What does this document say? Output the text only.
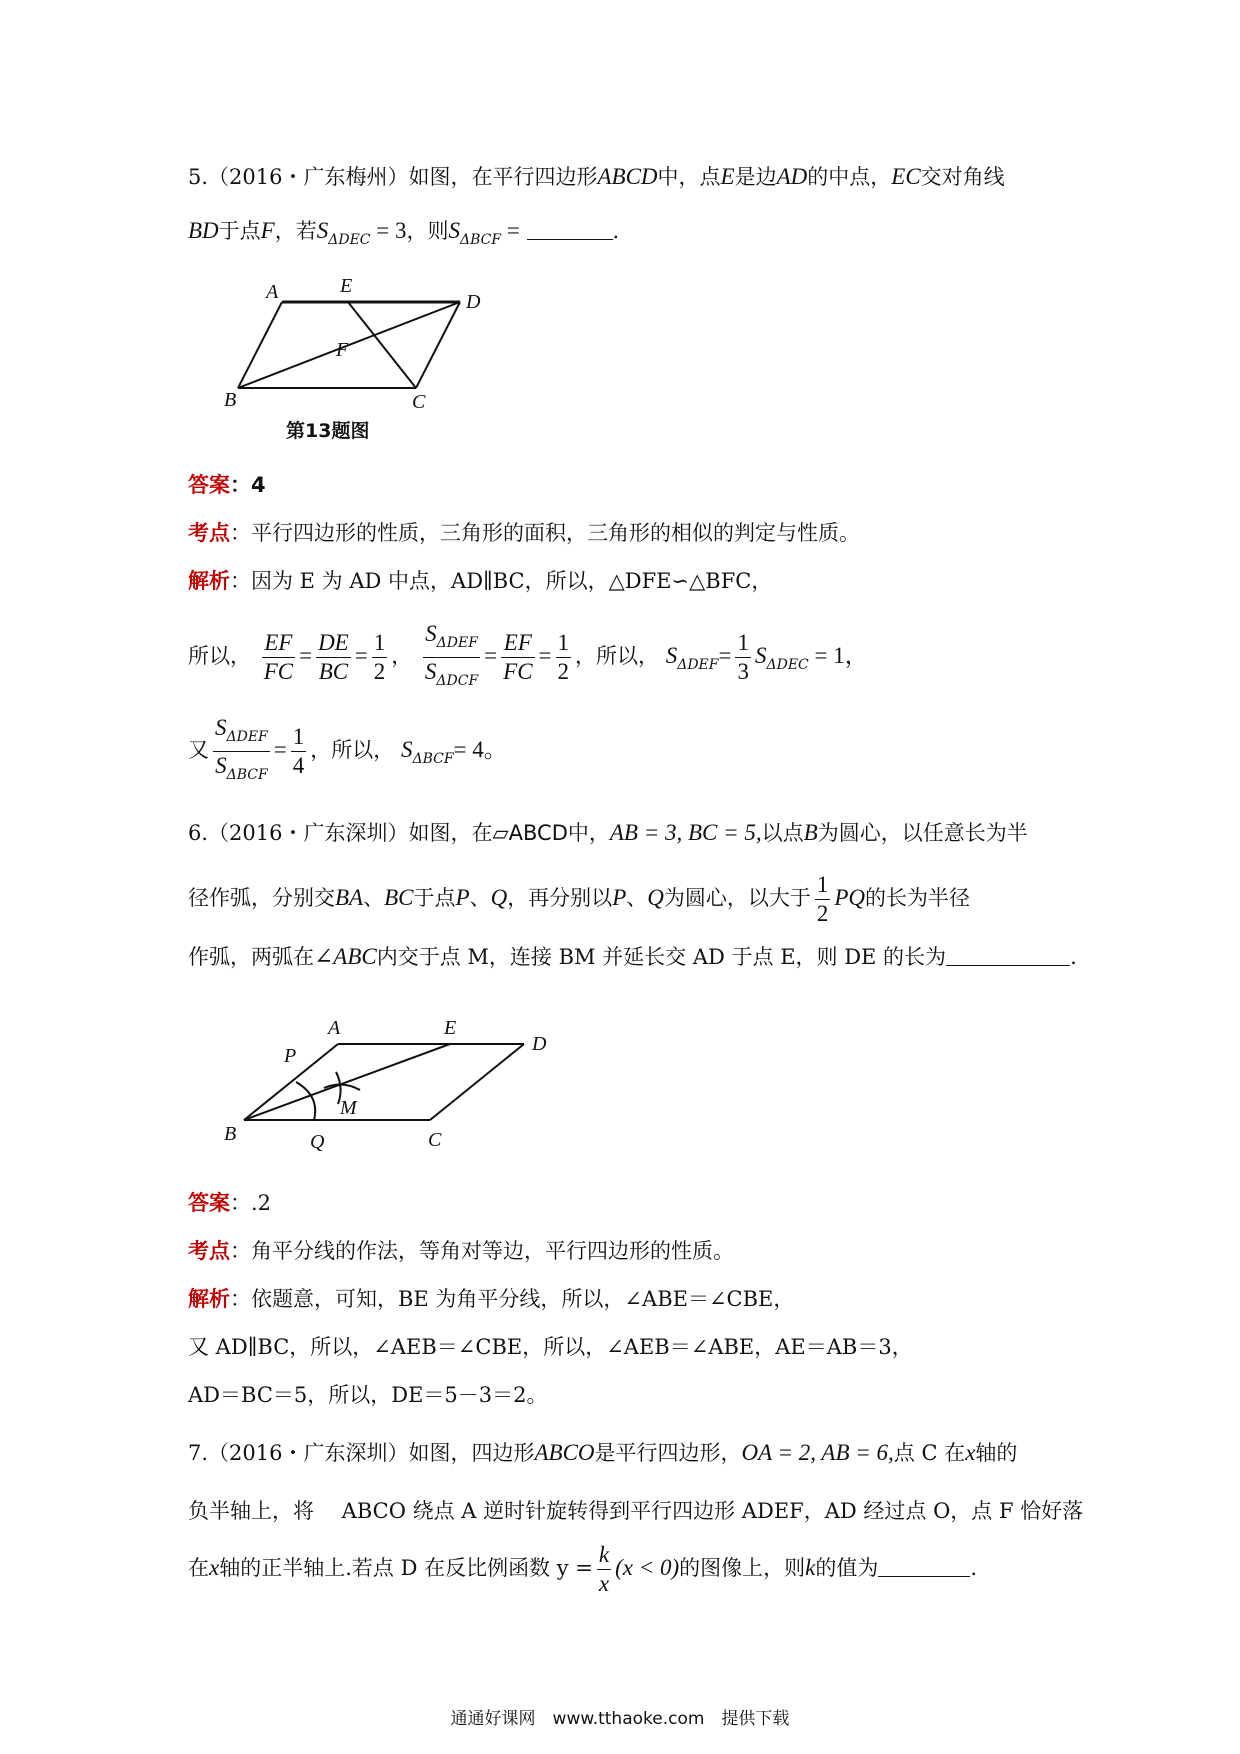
5.（2016・广东梅州）如图，在平行四边形ABCD中，点E是边AD的中点，EC交对角线
BD于点F，若$S_{\Delta DEC} = 3$，则$S_{\Delta BCF}$ =	.
A	E
D
F
B	C
第13题图
答案：4
考点：平行四边形的性质，三角形的面积，三角形的相似的判定与性质。
解析：因为 E 为 AD 中点，AD∥BC，所以，△DFE∽△BFC，
所以， $\frac{EF}{FC} = \frac{DE}{BC} = \frac{1}{2}$ ， $\frac{S_{\Delta DEF}}{S_{\Delta DCF}} = \frac{EF}{FC} = \frac{1}{2}$ ，所以， $S_{\Delta DEF}= \frac{1}{3} S_{\Delta DEC} = 1$，
又 $\frac{S_{\Delta DEF}}{S_{\Delta BCF}} = \frac{1}{4}$ ，所以， $S_{\Delta BCF}= 4$。
6.（2016・广东深圳）如图，在▱ABCD中，AB = 3, BC = 5,以点B为圆心，以任意长为半
径作弧，分别交BA、BC于点P、Q，再分别以P、Q为圆心，以大于 $\frac{1}{2}$ PQ的长为半径
作弧，两弧在∠ABC内交于点 M，连接 BM 并延长交 AD 于点 E，则 DE 的长为	.
P
A	E
D
M
B	Q	C
答案：.2
考点：角平分线的作法，等角对等边，平行四边形的性质。
解析：依题意，可知，BE 为角平分线，所以，∠ABE＝∠CBE，
又 AD∥BC，所以，∠AEB＝∠CBE，所以，∠AEB＝∠ABE，AE＝AB＝3，
AD＝BC＝5，所以，DE＝5－3＝2。
7.（2016・广东深圳）如图，四边形ABCO是平行四边形，OA = 2, AB = 6,点 C 在x轴的
负半轴上，将　 ABCO 绕点 A 逆时针旋转得到平行四边形 ADEF，AD 经过点 O，点 F 恰好落
在x轴的正半轴上.若点 D 在反比例函数 $y = \frac{k}{x} (x < 0)$的图像上，则k的值为	.
通通好课网　www.tthaoke.com　提供下载
